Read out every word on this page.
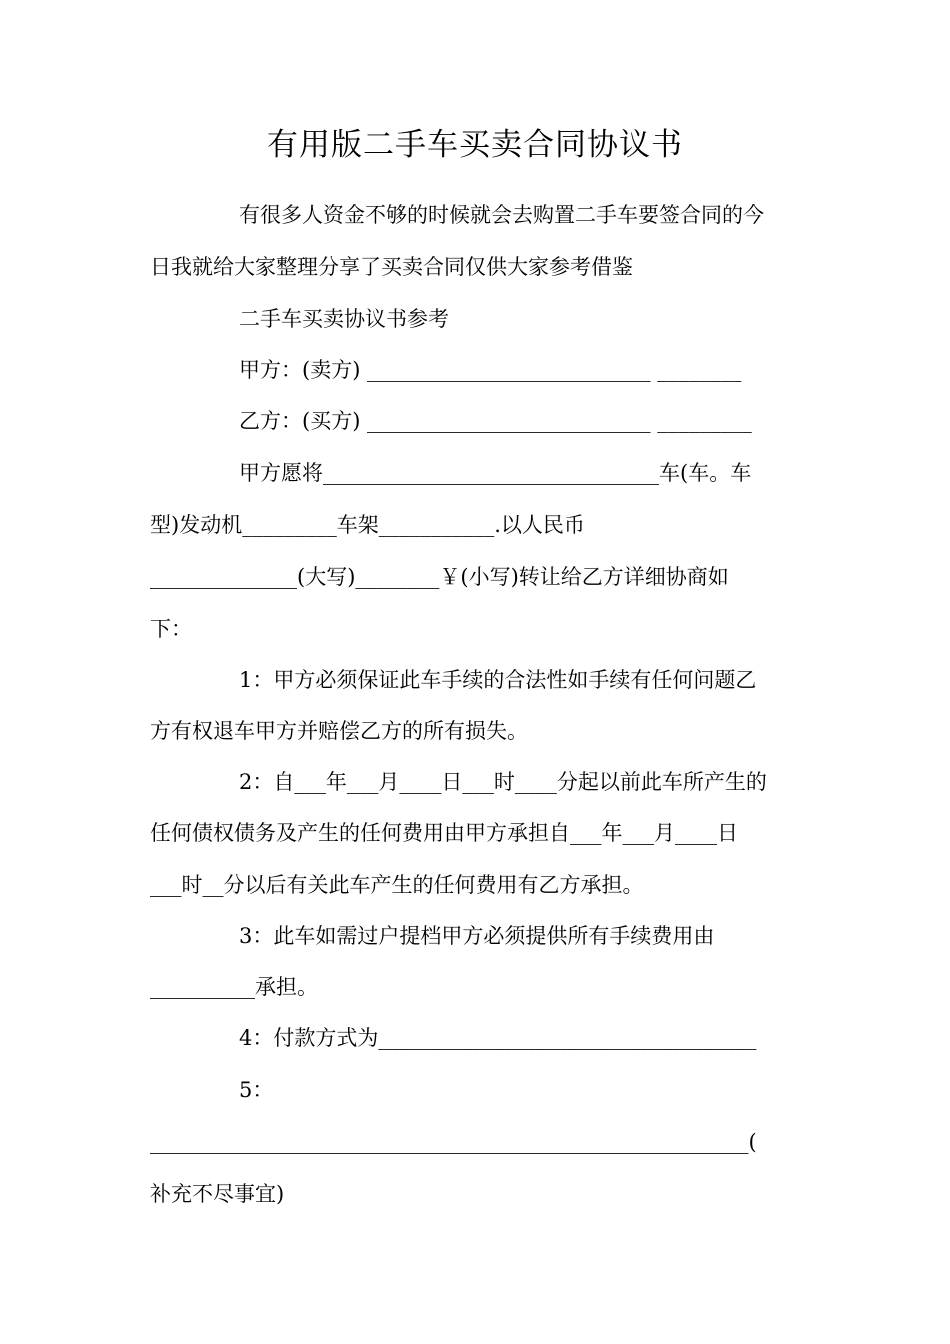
有用版二手车买卖合同协议书
有很多人资金不够的时候就会去购置二手车要签合同的今
日我就给大家整理分享了买卖合同仅供大家参考借鉴
二手车买卖协议书参考
甲方：(卖方) ___________________________ ________
乙方：(买方) ___________________________ _________
甲方愿将________________________________车(车。车
型)发动机_________车架___________.以人民币
______________(大写)________￥(小写)转让给乙方详细协商如
下：
1：甲方必须保证此车手续的合法性如手续有任何问题乙
方有权退车甲方并赔偿乙方的所有损失。
2：自___年___月____日___时____分起以前此车所产生的
任何债权债务及产生的任何费用由甲方承担自___年___月____日
___时__分以后有关此车产生的任何费用有乙方承担。
3：此车如需过户提档甲方必须提供所有手续费用由
__________承担。
4：付款方式为____________________________________
5：
_________________________________________________________(
补充不尽事宜)
